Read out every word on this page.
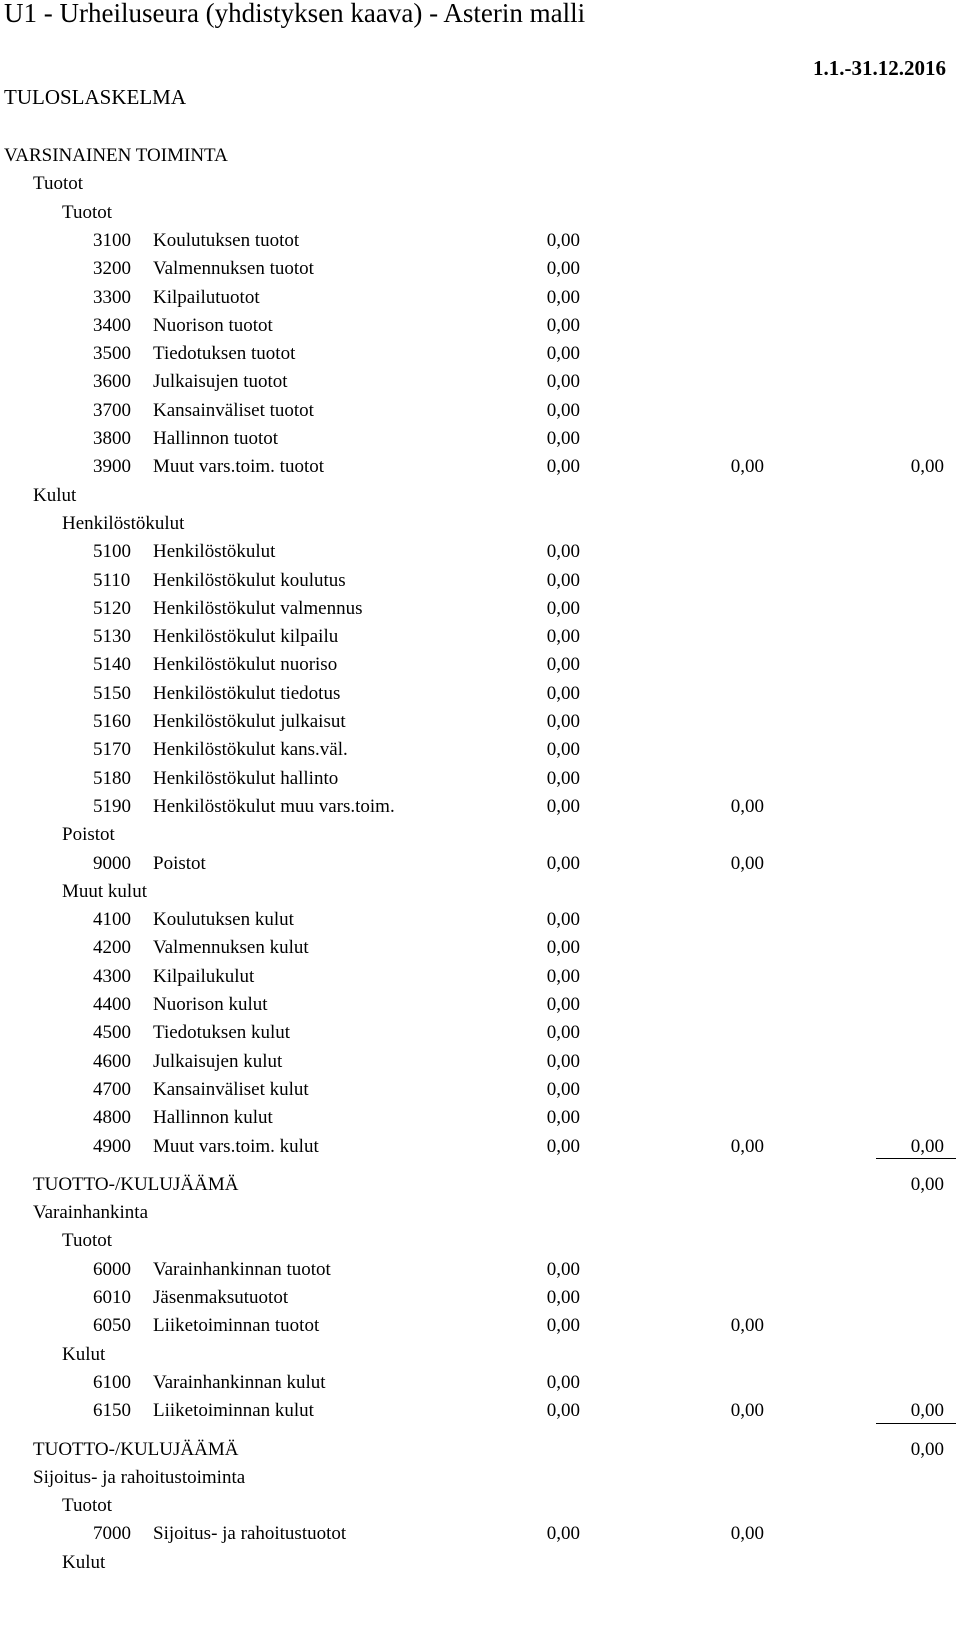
U1 - Urheiluseura (yhdistyksen kaava) - Asterin malli
1.1.-31.12.2016
TULOSLASKELMA
VARSINAINEN TOIMINTA
Tuotot
Tuotot
3100 Koulutuksen tuotot	0,00
3200 Valmennuksen tuotot	0,00
3300 Kilpailutuotot	0,00
3400 Nuorison tuotot	0,00
3500 Tiedotuksen tuotot	0,00
3600 Julkaisujen tuotot	0,00
3700 Kansainväliset tuotot	0,00
3800 Hallinnon tuotot	0,00
3900 Muut vars.toim. tuotot	0,00	0,00	0,00
Kulut
Henkilöstökulut
5100 Henkilöstökulut	0,00
5110 Henkilöstökulut koulutus	0,00
5120 Henkilöstökulut valmennus	0,00
5130 Henkilöstökulut kilpailu	0,00
5140 Henkilöstökulut nuoriso	0,00
5150 Henkilöstökulut tiedotus	0,00
5160 Henkilöstökulut julkaisut	0,00
5170 Henkilöstökulut kans.väl.	0,00
5180 Henkilöstökulut hallinto	0,00
5190 Henkilöstökulut muu vars.toim.	0,00	0,00
Poistot
9000 Poistot	0,00	0,00
Muut kulut
4100 Koulutuksen kulut	0,00
4200 Valmennuksen kulut	0,00
4300 Kilpailukulut	0,00
4400 Nuorison kulut	0,00
4500 Tiedotuksen kulut	0,00
4600 Julkaisujen kulut	0,00
4700 Kansainväliset kulut	0,00
4800 Hallinnon kulut	0,00
4900 Muut vars.toim. kulut	0,00	0,00	0,00
TUOTTO-/KULUJÄÄMÄ	0,00
Varainhankinta
Tuotot
6000 Varainhankinnan tuotot	0,00
6010 Jäsenmaksutuotot	0,00
6050 Liiketoiminnan tuotot	0,00	0,00
Kulut
6100 Varainhankinnan kulut	0,00
6150 Liiketoiminnan kulut	0,00	0,00	0,00
TUOTTO-/KULUJÄÄMÄ	0,00
Sijoitus- ja rahoitustoiminta
Tuotot
7000 Sijoitus- ja rahoitustuotot	0,00	0,00
Kulut
